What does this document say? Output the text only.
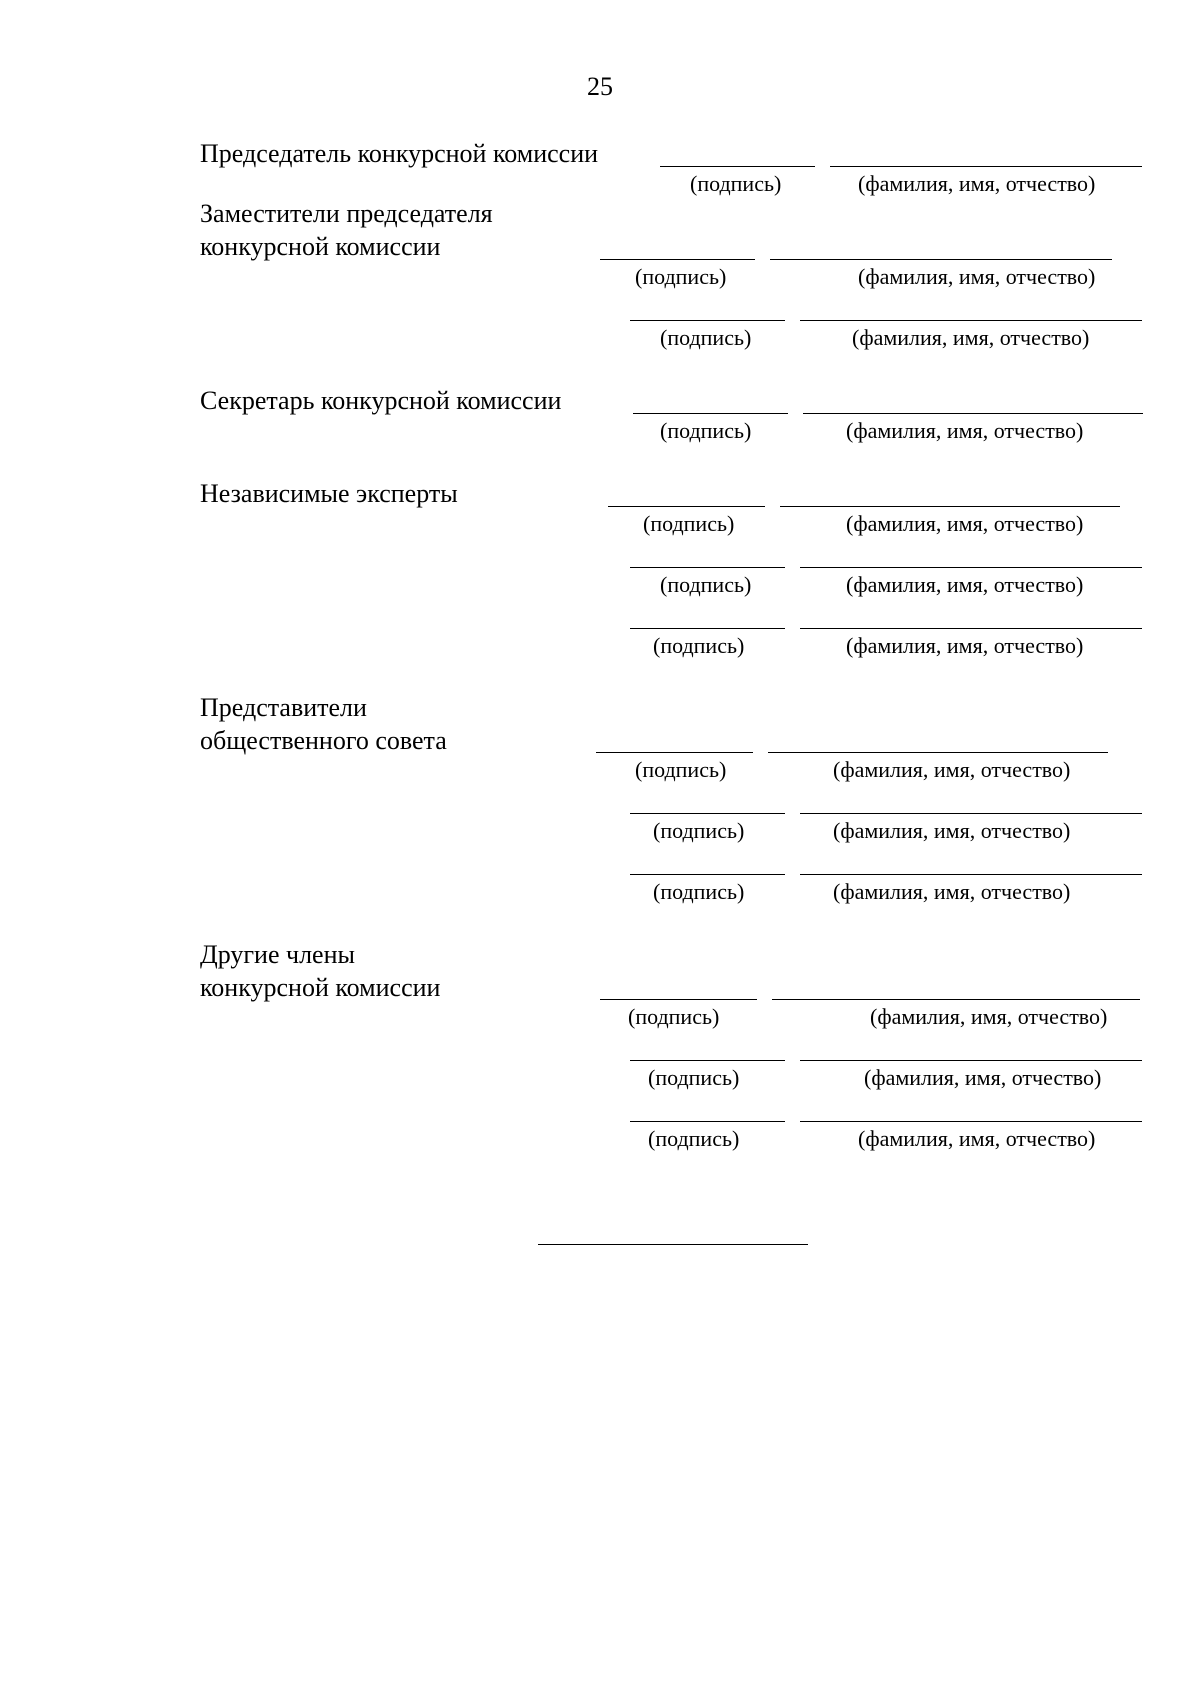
25
Председатель конкурсной комиссии
(подпись)	(фамилия, имя, отчество)
Заместители председателя
конкурсной комиссии
(подпись)	(фамилия, имя, отчество)
(подпись)	(фамилия, имя, отчество)
Секретарь конкурсной комиссии
(подпись)	(фамилия, имя, отчество)
Независимые эксперты
(подпись)	(фамилия, имя, отчество)
(подпись)	(фамилия, имя, отчество)
(подпись)	(фамилия, имя, отчество)
Представители
общественного совета
(подпись)	(фамилия, имя, отчество)
(подпись)	(фамилия, имя, отчество)
(подпись)	(фамилия, имя, отчество)
Другие члены
конкурсной комиссии
(подпись)	(фамилия, имя, отчество)
(подпись)	(фамилия, имя, отчество)
(подпись)	(фамилия, имя, отчество)
